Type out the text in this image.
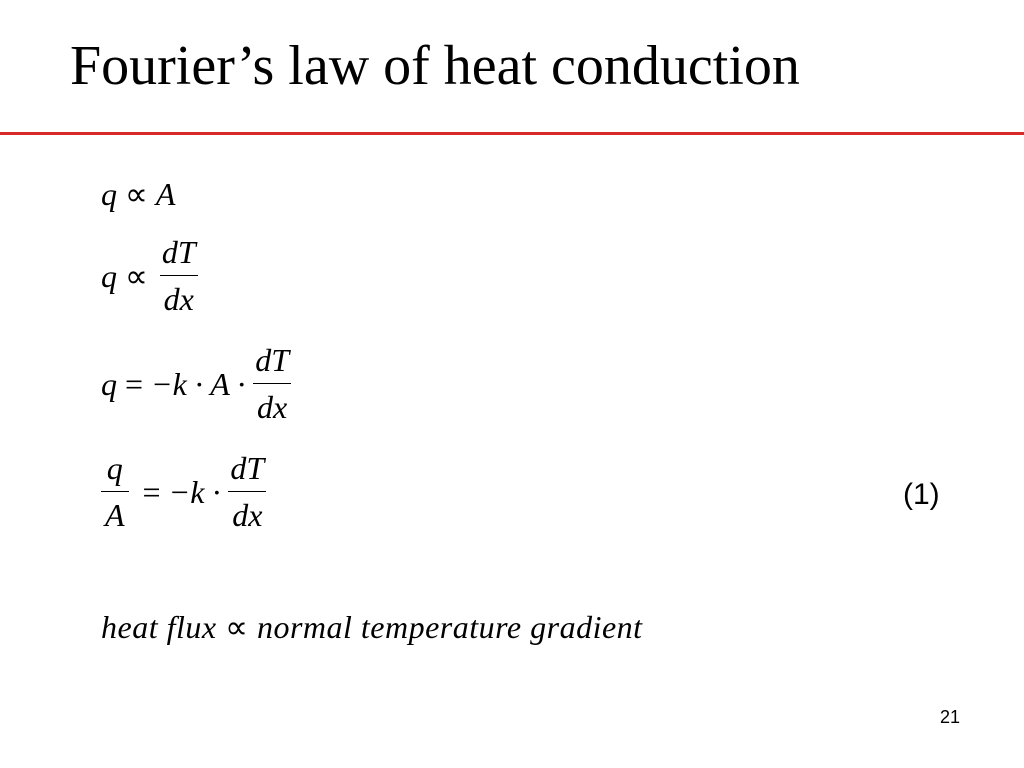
Fourier’s law of heat conduction
q ∝ A
$q \propto \frac{dT}{dx}$
$q = -k \cdot A \cdot \frac{dT}{dx}$
$\frac{q}{A} = -k \cdot \frac{dT}{dx}$	(1)
heat flux ∝ normal temperature gradient
21
